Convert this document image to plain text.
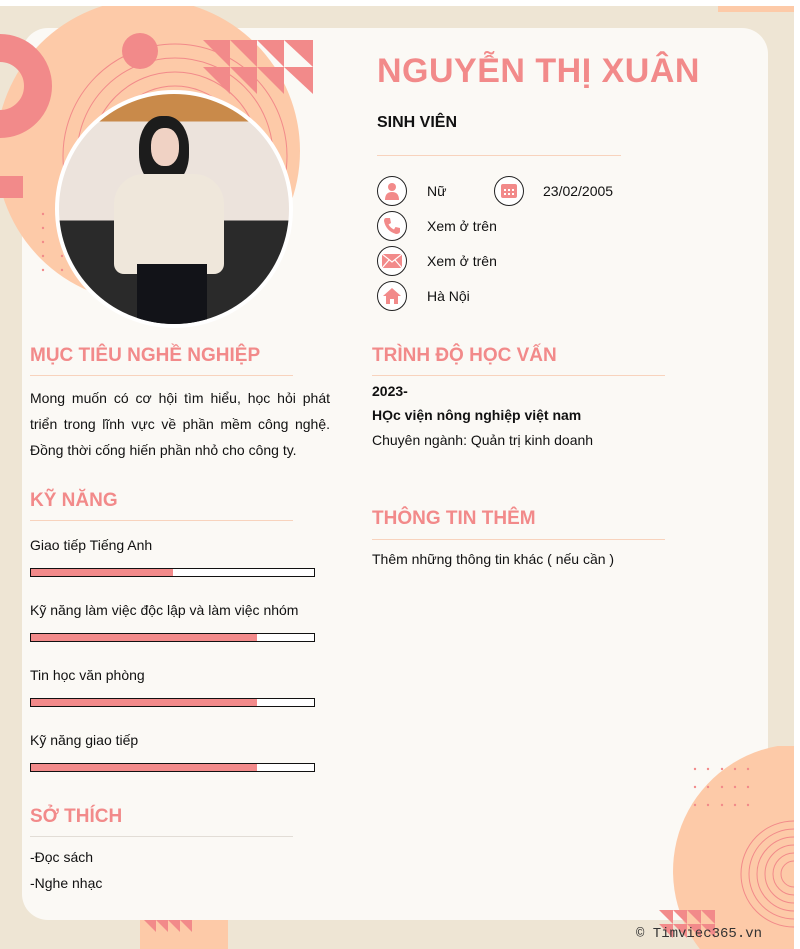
© Timviec365.vn
NGUYỄN THỊ XUÂN
SINH VIÊN
Nữ	23/02/2005
Xem ở trên
Xem ở trên
Hà Nội
MỤC TIÊU NGHỀ NGHIỆP
Mong muốn có cơ hội tìm hiểu, học hỏi phát triển trong lĩnh vực về phần mềm công nghệ. Đồng thời cống hiến phần nhỏ cho công ty.
KỸ NĂNG
Giao tiếp Tiếng Anh
Kỹ năng làm việc độc lập và làm việc nhóm
Tin học văn phòng
Kỹ năng giao tiếp
SỞ THÍCH
-Đọc sách
-Nghe nhạc
TRÌNH ĐỘ HỌC VẤN
2023-
HỌc viện nông nghiệp việt nam
Chuyên ngành: Quản trị kinh doanh
THÔNG TIN THÊM
Thêm những thông tin khác ( nếu cần )
